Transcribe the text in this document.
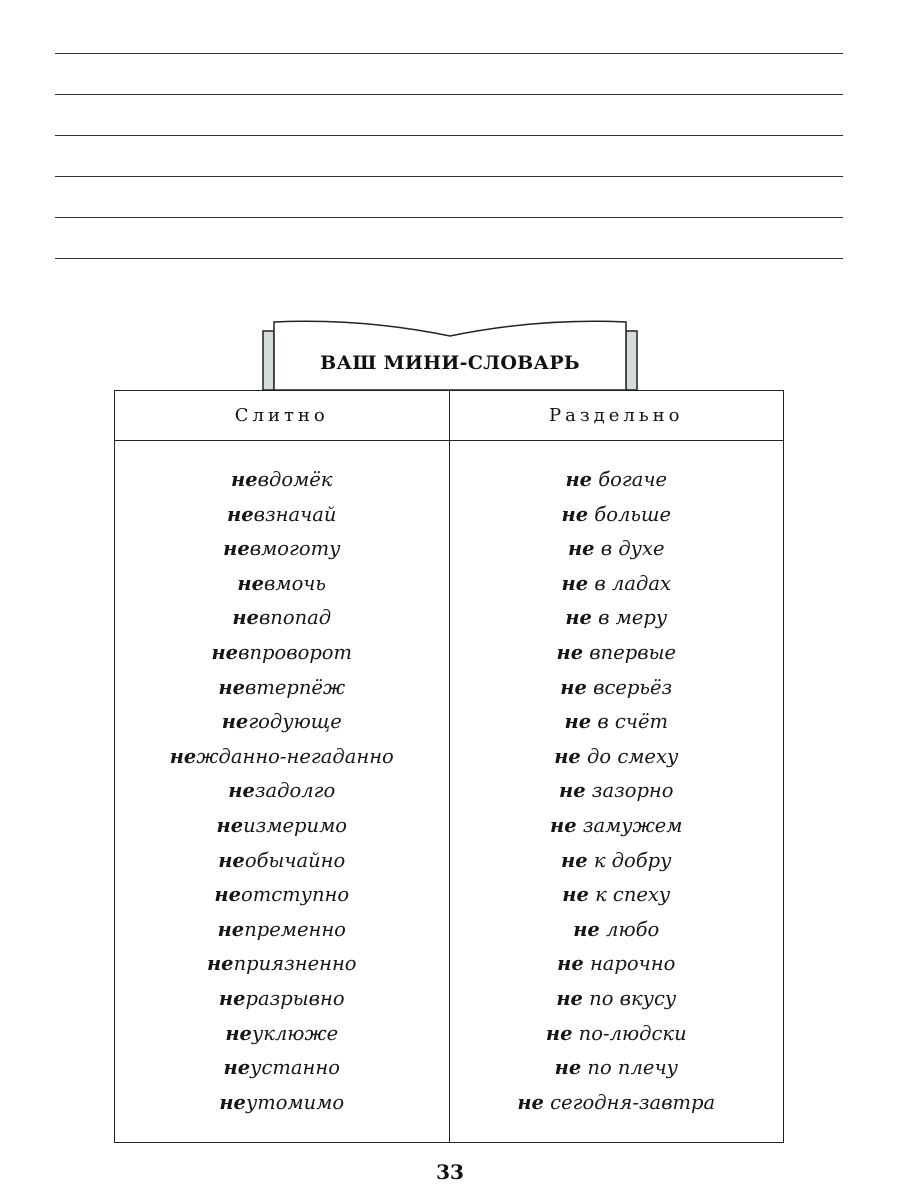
ВАШ МИНИ-СЛОВАРЬ
Слитно	Раздельно
невдомёк
невзначай
невмоготу
невмочь
невпопад
невпроворот
невтерпёж
негодующе
нежданно-негаданно
незадолго
неизмеримо
необычайно
неотступно
непременно
неприязненно
неразрывно
неуклюже
неустанно
неутомимо
не богаче
не больше
не в духе
не в ладах
не в меру
не впервые
не всерьёз
не в счёт
не до смеху
не зазорно
не замужем
не к добру
не к спеху
не любо
не нарочно
не по вкусу
не по-людски
не по плечу
не сегодня-завтра
33
